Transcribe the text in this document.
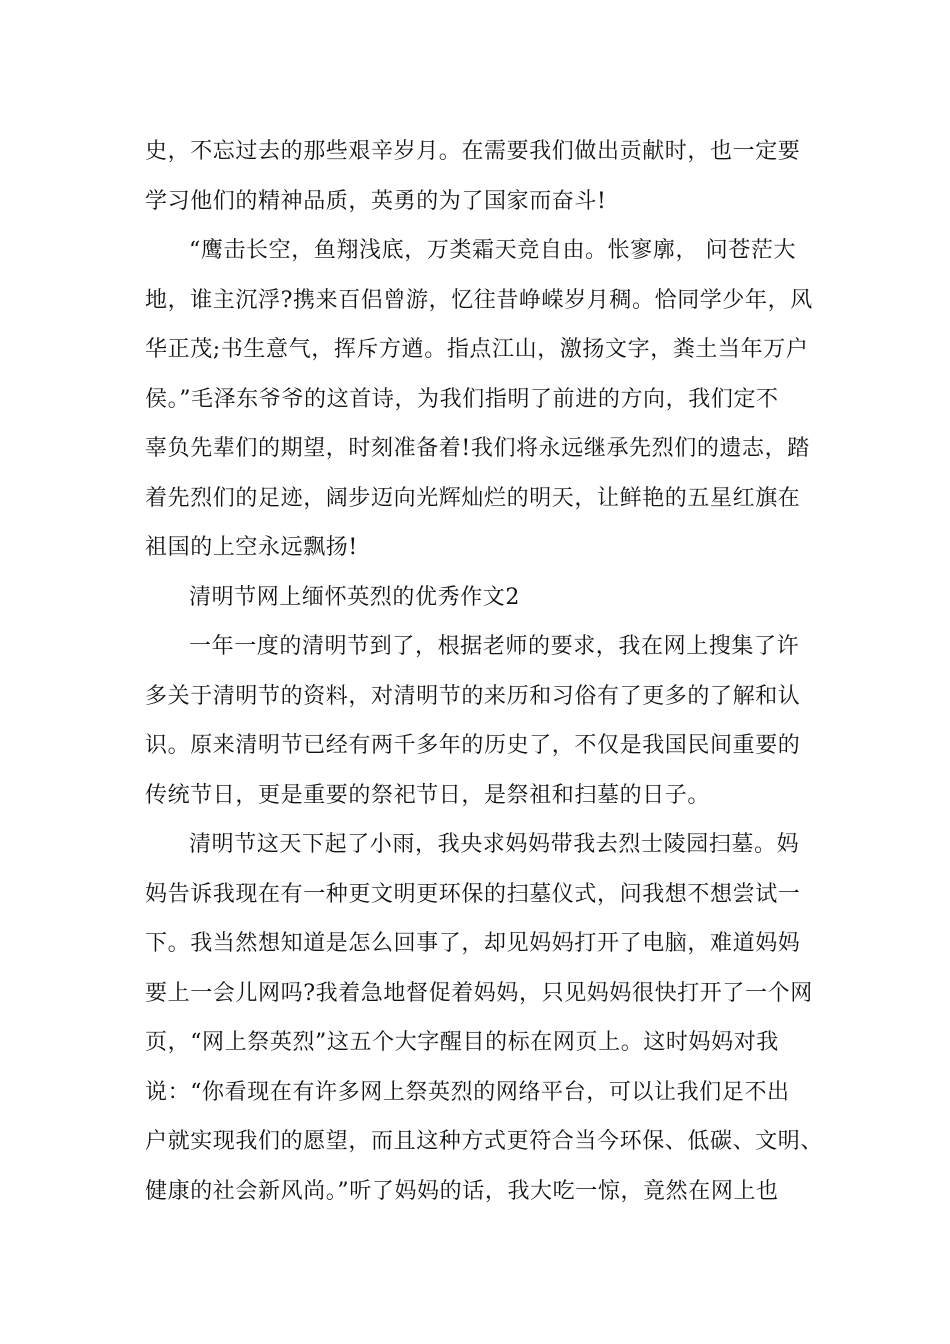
史，不忘过去的那些艰辛岁月。在需要我们做出贡献时，也一定要
学习他们的精神品质，英勇的为了国家而奋斗!
“鹰击长空，鱼翔浅底，万类霜天竞自由。怅寥廓， 问苍茫大
地，谁主沉浮?携来百侣曾游，忆往昔峥嵘岁月稠。恰同学少年，风
华正茂;书生意气，挥斥方遒。指点江山，激扬文字，粪土当年万户
侯。”毛泽东爷爷的这首诗，为我们指明了前进的方向，我们定不
辜负先辈们的期望，时刻准备着!我们将永远继承先烈们的遗志，踏
着先烈们的足迹，阔步迈向光辉灿烂的明天，让鲜艳的五星红旗在
祖国的上空永远飘扬!
清明节网上缅怀英烈的优秀作文2
一年一度的清明节到了，根据老师的要求，我在网上搜集了许
多关于清明节的资料，对清明节的来历和习俗有了更多的了解和认
识。原来清明节已经有两千多年的历史了，不仅是我国民间重要的
传统节日，更是重要的祭祀节日，是祭祖和扫墓的日子。
清明节这天下起了小雨，我央求妈妈带我去烈士陵园扫墓。妈
妈告诉我现在有一种更文明更环保的扫墓仪式，问我想不想尝试一
下。我当然想知道是怎么回事了，却见妈妈打开了电脑，难道妈妈
要上一会儿网吗?我着急地督促着妈妈，只见妈妈很快打开了一个网
页，“网上祭英烈”这五个大字醒目的标在网页上。这时妈妈对我
说：“你看现在有许多网上祭英烈的网络平台，可以让我们足不出
户就实现我们的愿望，而且这种方式更符合当今环保、低碳、文明、
健康的社会新风尚。”听了妈妈的话，我大吃一惊，竟然在网上也
